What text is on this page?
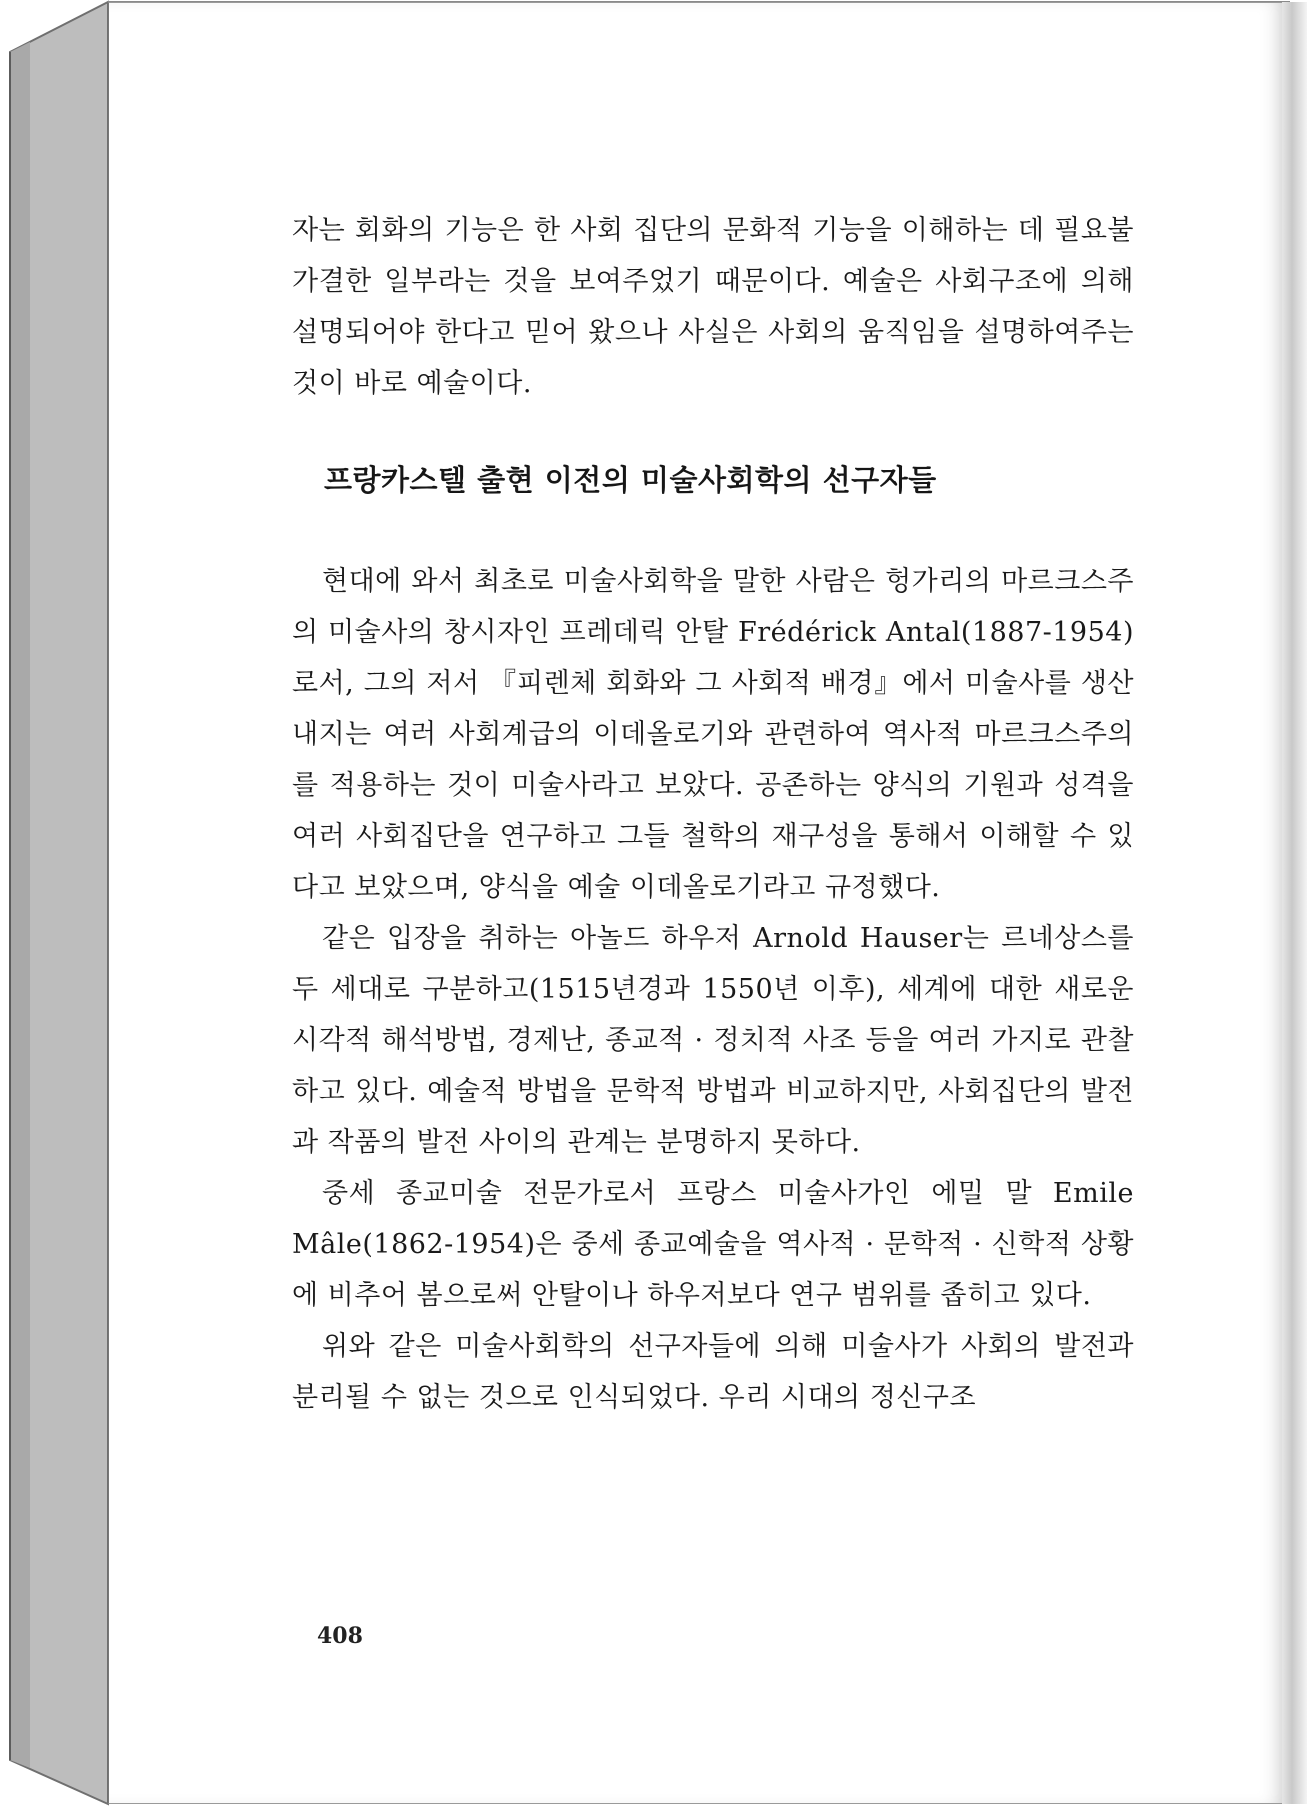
자는 회화의 기능은 한 사회 집단의 문화적 기능을 이해하는 데 필요불가결한 일부라는 것을 보여주었기 때문이다. 예술은 사회구조에 의해 설명되어야 한다고 믿어 왔으나 사실은 사회의 움직임을 설명하여주는 것이 바로 예술이다.

프랑카스텔 출현 이전의 미술사회학의 선구자들

현대에 와서 최초로 미술사회학을 말한 사람은 헝가리의 마르크스주의 미술사의 창시자인 프레데릭 안탈 Frédérick Antal(1887-1954)로서, 그의 저서 『피렌체 회화와 그 사회적 배경』에서 미술사를 생산 내지는 여러 사회계급의 이데올로기와 관련하여 역사적 마르크스주의를 적용하는 것이 미술사라고 보았다. 공존하는 양식의 기원과 성격을 여러 사회집단을 연구하고 그들 철학의 재구성을 통해서 이해할 수 있다고 보았으며, 양식을 예술 이데올로기라고 규정했다.

같은 입장을 취하는 아놀드 하우저 Arnold Hauser는 르네상스를 두 세대로 구분하고(1515년경과 1550년 이후), 세계에 대한 새로운 시각적 해석방법, 경제난, 종교적 · 정치적 사조 등을 여러 가지로 관찰하고 있다. 예술적 방법을 문학적 방법과 비교하지만, 사회집단의 발전과 작품의 발전 사이의 관계는 분명하지 못하다.

중세 종교미술 전문가로서 프랑스 미술사가인 에밀 말 Emile Mâle(1862-1954)은 중세 종교예술을 역사적 · 문학적 · 신학적 상황에 비추어 봄으로써 안탈이나 하우저보다 연구 범위를 좁히고 있다.

위와 같은 미술사회학의 선구자들에 의해 미술사가 사회의 발전과 분리될 수 없는 것으로 인식되었다. 우리 시대의 정신구조

408
